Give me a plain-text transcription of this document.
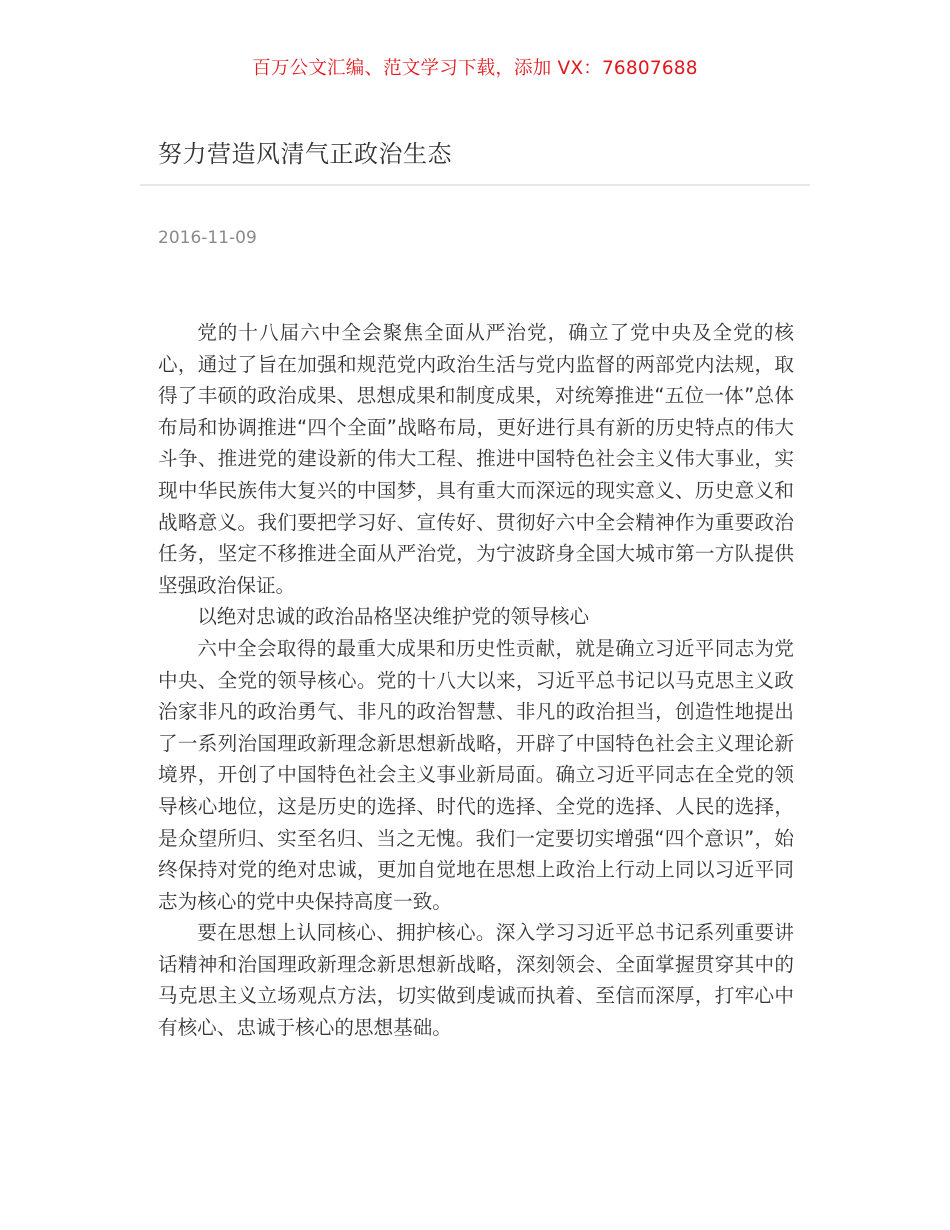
百万公文汇编、范文学习下载，添加 VX：76807688
努力营造风清气正政治生态
2016-11-09

党的十八届六中全会聚焦全面从严治党，确立了党中央及全党的核心，通过了旨在加强和规范党内政治生活与党内监督的两部党内法规，取得了丰硕的政治成果、思想成果和制度成果，对统筹推进“五位一体”总体布局和协调推进“四个全面”战略布局，更好进行具有新的历史特点的伟大斗争、推进党的建设新的伟大工程、推进中国特色社会主义伟大事业，实现中华民族伟大复兴的中国梦，具有重大而深远的现实意义、历史意义和战略意义。我们要把学习好、宣传好、贯彻好六中全会精神作为重要政治任务，坚定不移推进全面从严治党，为宁波跻身全国大城市第一方队提供坚强政治保证。

以绝对忠诚的政治品格坚决维护党的领导核心

六中全会取得的最重大成果和历史性贡献，就是确立习近平同志为党中央、全党的领导核心。党的十八大以来，习近平总书记以马克思主义政治家非凡的政治勇气、非凡的政治智慧、非凡的政治担当，创造性地提出了一系列治国理政新理念新思想新战略，开辟了中国特色社会主义理论新境界，开创了中国特色社会主义事业新局面。确立习近平同志在全党的领导核心地位，这是历史的选择、时代的选择、全党的选择、人民的选择，是众望所归、实至名归、当之无愧。我们一定要切实增强“四个意识”，始终保持对党的绝对忠诚，更加自觉地在思想上政治上行动上同以习近平同志为核心的党中央保持高度一致。

要在思想上认同核心、拥护核心。深入学习习近平总书记系列重要讲话精神和治国理政新理念新思想新战略，深刻领会、全面掌握贯穿其中的马克思主义立场观点方法，切实做到虔诚而执着、至信而深厚，打牢心中有核心、忠诚于核心的思想基础。
